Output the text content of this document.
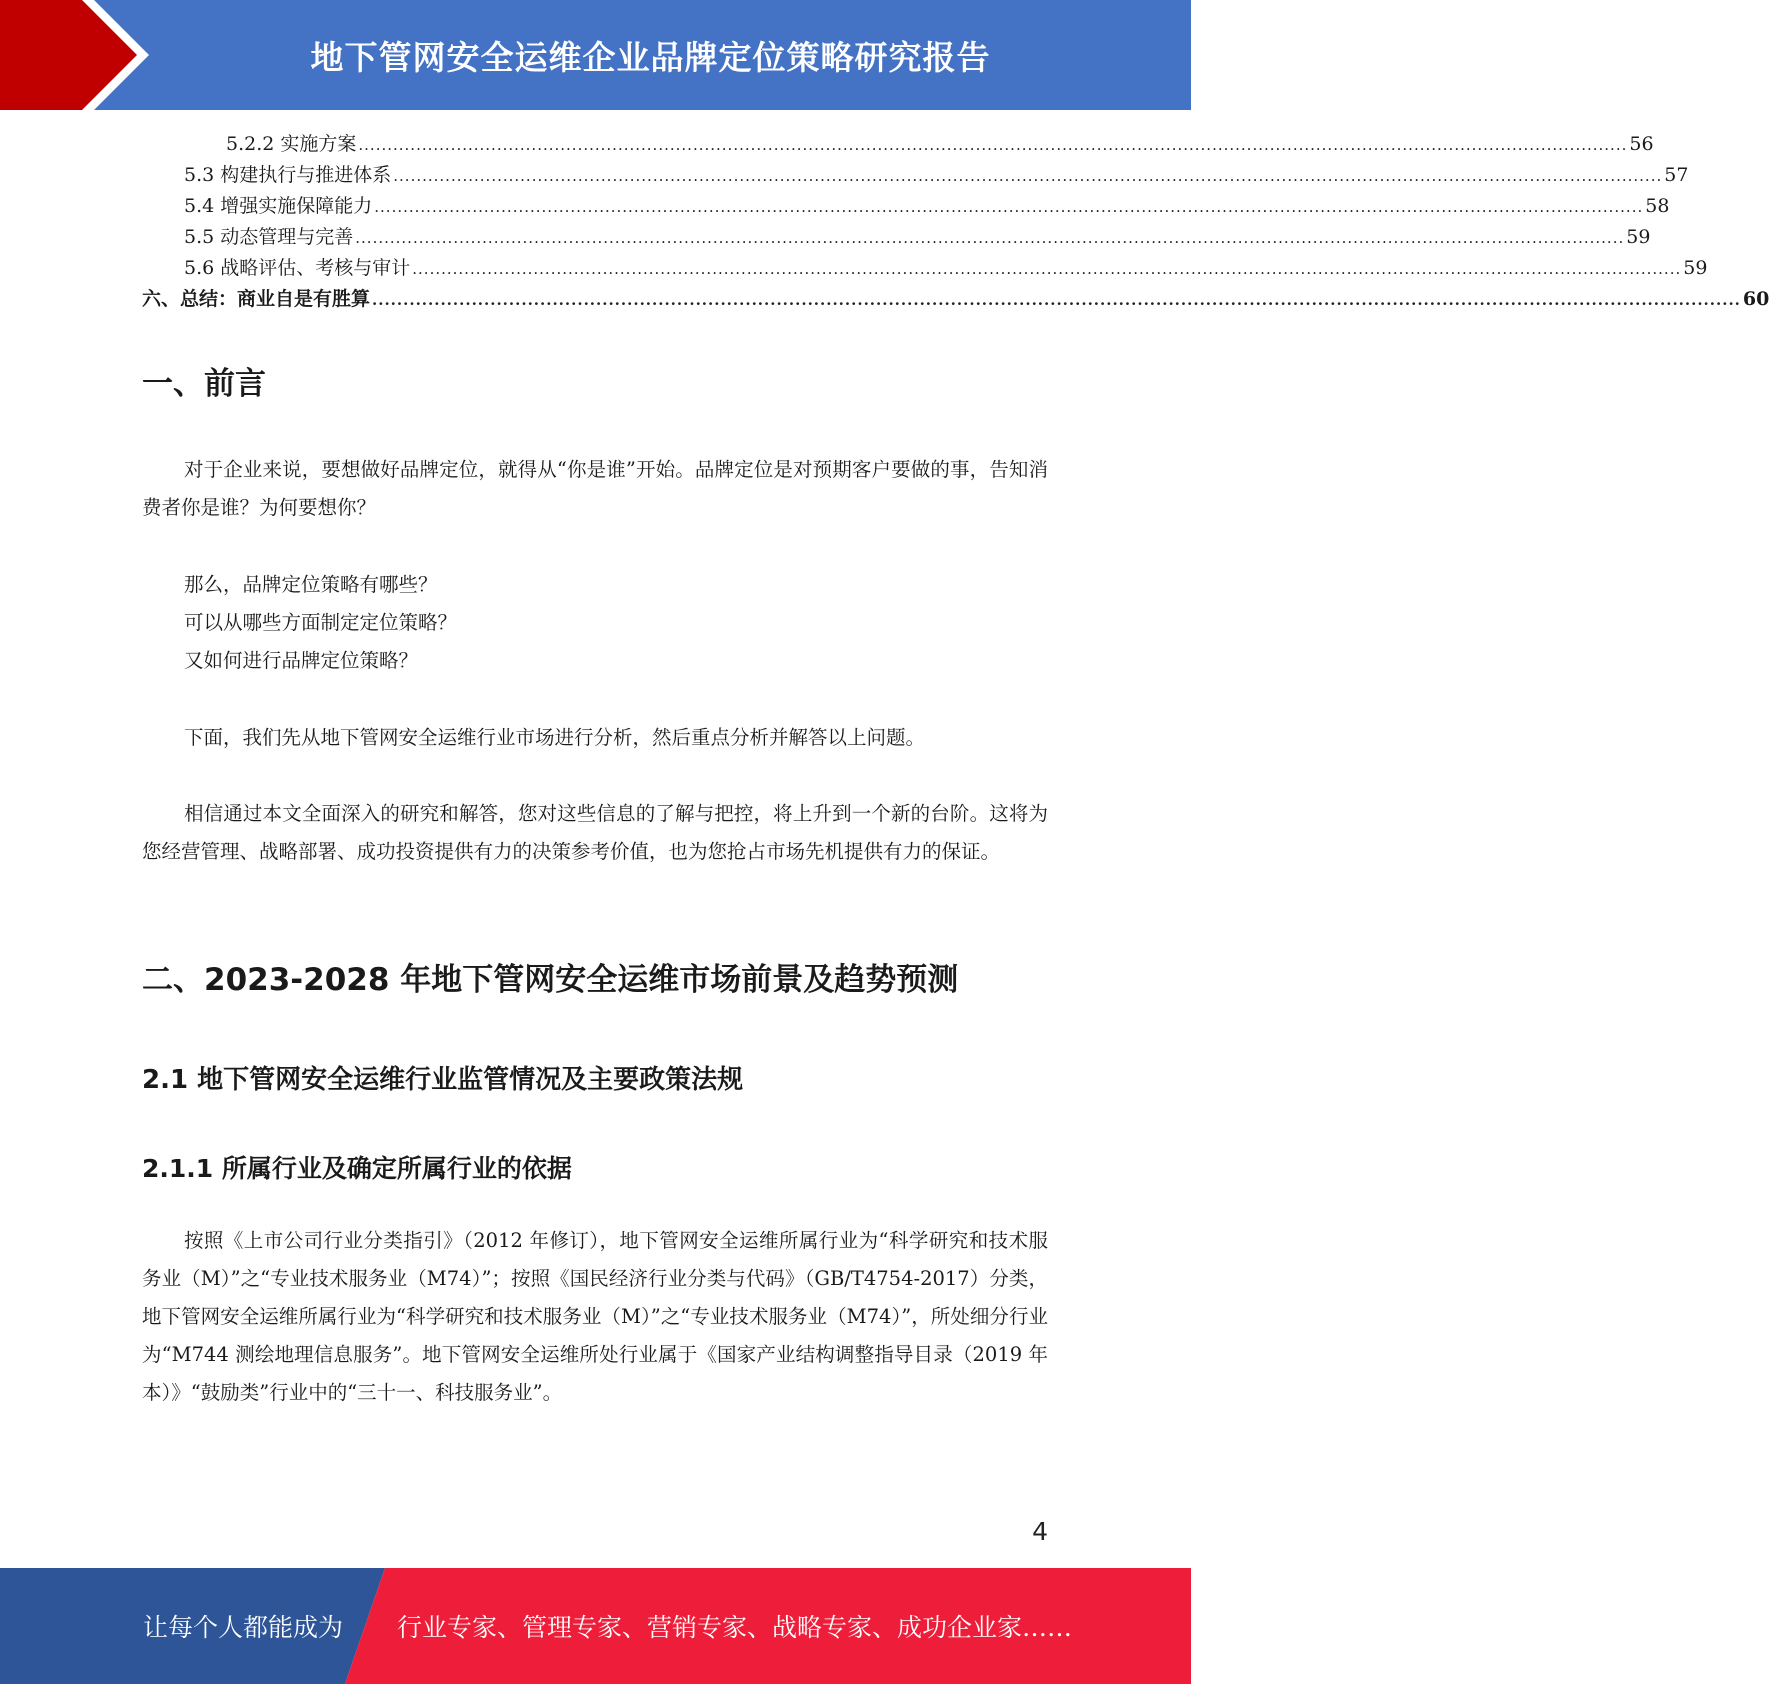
地下管网安全运维企业品牌定位策略研究报告
5.2.2 实施方案 ............................................................................................................................................................................................................................ 56
5.3 构建执行与推进体系 ............................................................................................................................................................................................................................ 57
5.4 增强实施保障能力 ............................................................................................................................................................................................................................ 58
5.5 动态管理与完善 ............................................................................................................................................................................................................................ 59
5.6 战略评估、考核与审计 ............................................................................................................................................................................................................................ 59
六、总结：商业自是有胜算 ............................................................................................................................................................................................................................ 60
一、前言

对于企业来说，要想做好品牌定位，就得从“你是谁”开始。品牌定位是对预期客户要做的事，告知消费者你是谁？为何要想你？

那么，品牌定位策略有哪些？

可以从哪些方面制定定位策略？

又如何进行品牌定位策略？

下面，我们先从地下管网安全运维行业市场进行分析，然后重点分析并解答以上问题。

相信通过本文全面深入的研究和解答，您对这些信息的了解与把控，将上升到一个新的台阶。这将为您经营管理、战略部署、成功投资提供有力的决策参考价值，也为您抢占市场先机提供有力的保证。

二、2023-2028 年地下管网安全运维市场前景及趋势预测
2.1 地下管网安全运维行业监管情况及主要政策法规
2.1.1 所属行业及确定所属行业的依据

按照《上市公司行业分类指引》（2012 年修订），地下管网安全运维所属行业为“科学研究和技术服务业（M）”之“专业技术服务业（M74）”；按照《国民经济行业分类与代码》（GB/T4754-2017）分类，地下管网安全运维所属行业为“科学研究和技术服务业（M）”之“专业技术服务业（M74）”，所处细分行业为“M744 测绘地理信息服务”。地下管网安全运维所处行业属于《国家产业结构调整指导目录（2019 年本）》“鼓励类”行业中的“三十一、科技服务业”。

4
让每个人都能成为 行业专家、管理专家、营销专家、战略专家、成功企业家……
